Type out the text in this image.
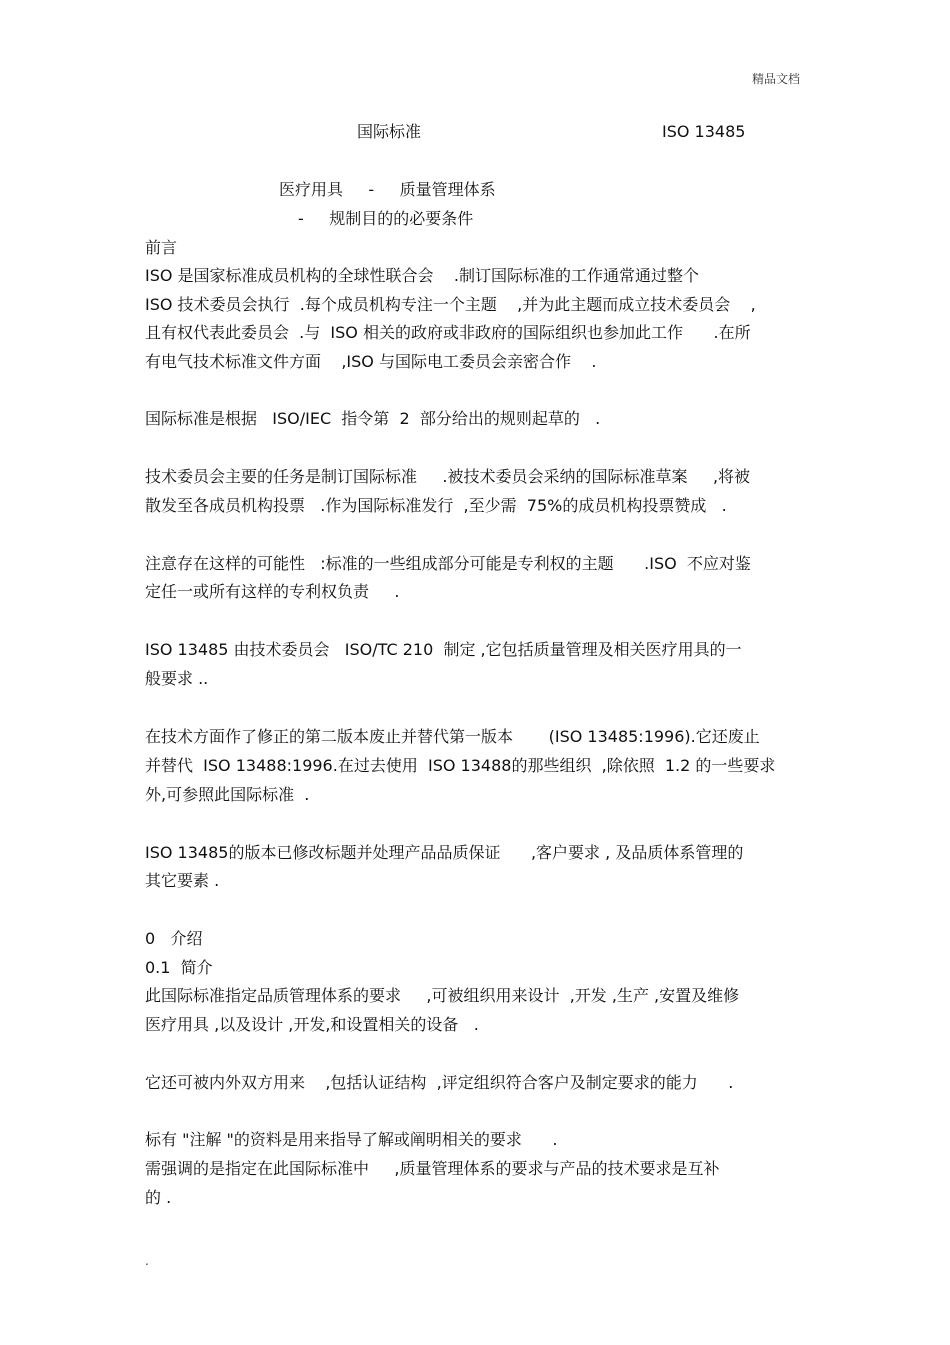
精品文档
国际标准	ISO 13485
医疗用具     -     质量管理体系
-     规制目的的必要条件
前言
ISO 是国家标准成员机构的全球性联合会    .制订国际标准的工作通常通过整个
ISO 技术委员会执行  .每个成员机构专注一个主题    ,并为此主题而成立技术委员会    ,
且有权代表此委员会  .与  ISO 相关的政府或非政府的国际组织也参加此工作      .在所
有电气技术标准文件方面    ,ISO 与国际电工委员会亲密合作    .
国际标准是根据   ISO/IEC  指令第  2  部分给出的规则起草的   .
技术委员会主要的任务是制订国际标准     .被技术委员会采纳的国际标准草案     ,将被
散发至各成员机构投票   .作为国际标准发行  ,至少需  75%的成员机构投票赞成   .
注意存在这样的可能性   :标准的一些组成部分可能是专利权的主题      .ISO  不应对鉴
定任一或所有这样的专利权负责     .
ISO 13485 由技术委员会   ISO/TC 210  制定 ,它包括质量管理及相关医疗用具的一
般要求 ..
在技术方面作了修正的第二版本废止并替代第一版本       (ISO 13485:1996).它还废止
并替代  ISO 13488:1996.在过去使用  ISO 13488的那些组织  ,除依照  1.2 的一些要求
外,可参照此国际标准  .
ISO 13485的版本已修改标题并处理产品品质保证      ,客户要求 , 及品质体系管理的
其它要素 .
0   介绍
0.1  简介
此国际标准指定品质管理体系的要求     ,可被组织用来设计  ,开发 ,生产 ,安置及维修
医疗用具 ,以及设计 ,开发,和设置相关的设备   .
它还可被内外双方用来    ,包括认证结构  ,评定组织符合客户及制定要求的能力      .
标有 "注解 "的资料是用来指导了解或阐明相关的要求      .
需强调的是指定在此国际标准中     ,质量管理体系的要求与产品的技术要求是互补
的 .
.
